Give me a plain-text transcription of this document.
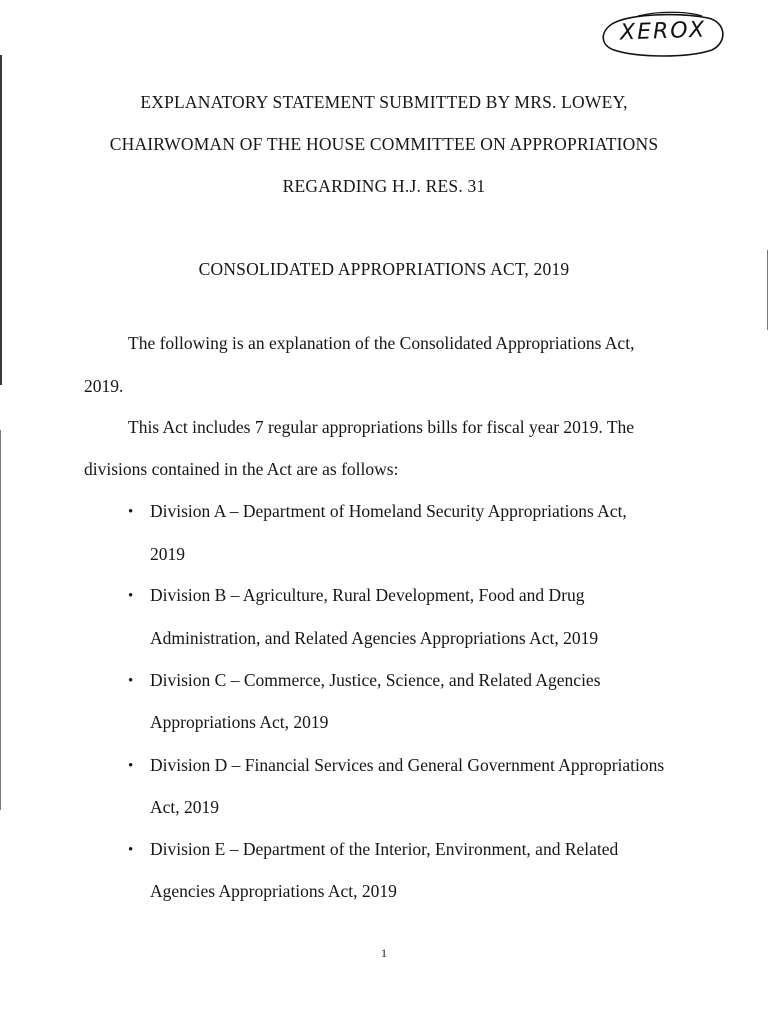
XEROX
EXPLANATORY STATEMENT SUBMITTED BY MRS. LOWEY,
CHAIRWOMAN OF THE HOUSE COMMITTEE ON APPROPRIATIONS
REGARDING H.J. RES. 31
CONSOLIDATED APPROPRIATIONS ACT, 2019
The following is an explanation of the Consolidated Appropriations Act,
2019.
This Act includes 7 regular appropriations bills for fiscal year 2019. The
divisions contained in the Act are as follows:
• Division A – Department of Homeland Security Appropriations Act,
2019
• Division B – Agriculture, Rural Development, Food and Drug
Administration, and Related Agencies Appropriations Act, 2019
• Division C – Commerce, Justice, Science, and Related Agencies
Appropriations Act, 2019
• Division D – Financial Services and General Government Appropriations
Act, 2019
• Division E – Department of the Interior, Environment, and Related
Agencies Appropriations Act, 2019
1
